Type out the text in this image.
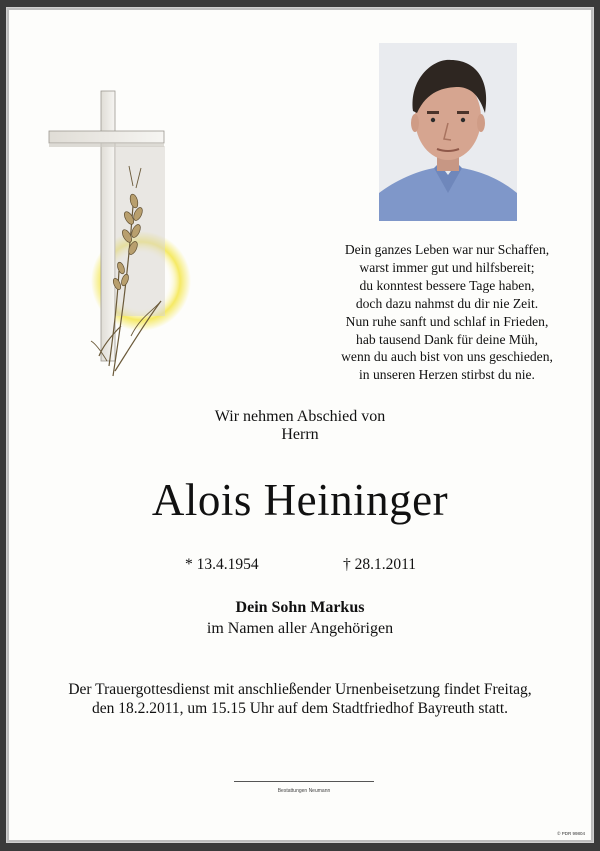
Dein ganzes Leben war nur Schaffen,
warst immer gut und hilfsbereit;
du konntest bessere Tage haben,
doch dazu nahmst du dir nie Zeit.
Nun ruhe sanft und schlaf in Frieden,
hab tausend Dank für deine Müh,
wenn du auch bist von uns geschieden,
in unseren Herzen stirbst du nie.
Wir nehmen Abschied von
Herrn
Alois Heininger
* 13.4.1954	† 28.1.2011
Dein Sohn Markus
im Namen aller Angehörigen
Der Trauergottesdienst mit anschließender Urnenbeisetzung findet Freitag,
den 18.2.2011, um 15.15 Uhr auf dem Stadtfriedhof Bayreuth statt.
Bestattungen Neumann
© PDR 99804
